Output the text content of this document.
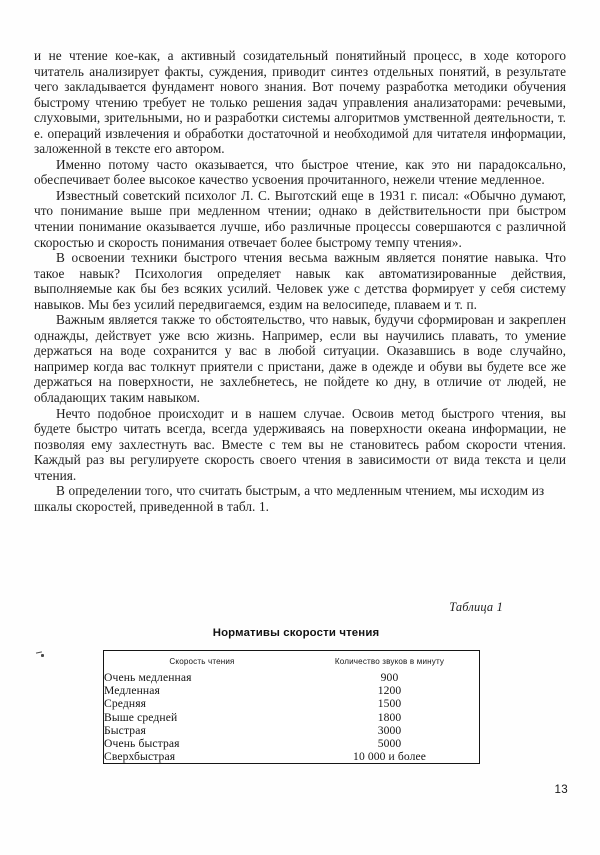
и не чтение кое-как, а активный созидательный понятийный процесс, в ходе которого читатель анализирует факты, суждения, приводит синтез отдельных понятий, в результате чего закладывается фундамент нового знания. Вот почему разработка методики обучения быстрому чтению требует не только решения задач управления анализаторами: речевыми, слуховыми, зрительными, но и разработки системы алгоритмов умственной деятельности, т. е. операций извлечения и обработки достаточной и необходимой для читателя информации, заложенной в тексте его автором.

Именно потому часто оказывается, что быстрое чтение, как это ни парадоксально, обеспечивает более высокое качество усвоения прочитанного, нежели чтение медленное.

Известный советский психолог Л. С. Выготский еще в 1931 г. писал: «Обычно думают, что понимание выше при медленном чтении; однако в действительности при быстром чтении понимание оказывается лучше, ибо различные процессы совершаются с различной скоростью и скорость понимания отвечает более быстрому темпу чтения».

В освоении техники быстрого чтения весьма важным является понятие навыка. Что такое навык? Психология определяет навык как автоматизированные действия, выполняемые как бы без всяких усилий. Человек уже с детства формирует у себя систему навыков. Мы без усилий передвигаемся, ездим на велосипеде, плаваем и т. п.

Важным является также то обстоятельство, что навык, будучи сформирован и закреплен однажды, действует уже всю жизнь. Например, если вы научились плавать, то умение держаться на воде сохранится у вас в любой ситуации. Оказавшись в воде случайно, например когда вас толкнут приятели с пристани, даже в одежде и обуви вы будете все же держаться на поверхности, не захлебнетесь, не пойдете ко дну, в отличие от людей, не обладающих таким навыком.

Нечто подобное происходит и в нашем случае. Освоив метод быстрого чтения, вы будете быстро читать всегда, всегда удерживаясь на поверхности океана информации, не позволяя ему захлестнуть вас. Вместе с тем вы не становитесь рабом скорости чтения. Каждый раз вы регулируете скорость своего чтения в зависимости от вида текста и цели чтения.

В определении того, что считать быстрым, а что медленным чтением, мы исходим из шкалы скоростей, приведенной в табл. 1.

Таблица 1
Нормативы скорости чтения
Скорость чтения	Количество звуков в минуту
Очень медленная	900
Медленная	1200
Средняя	1500
Выше средней	1800
Быстрая	3000
Очень быстрая	5000
Сверхбыстрая	10 000 и более
13
